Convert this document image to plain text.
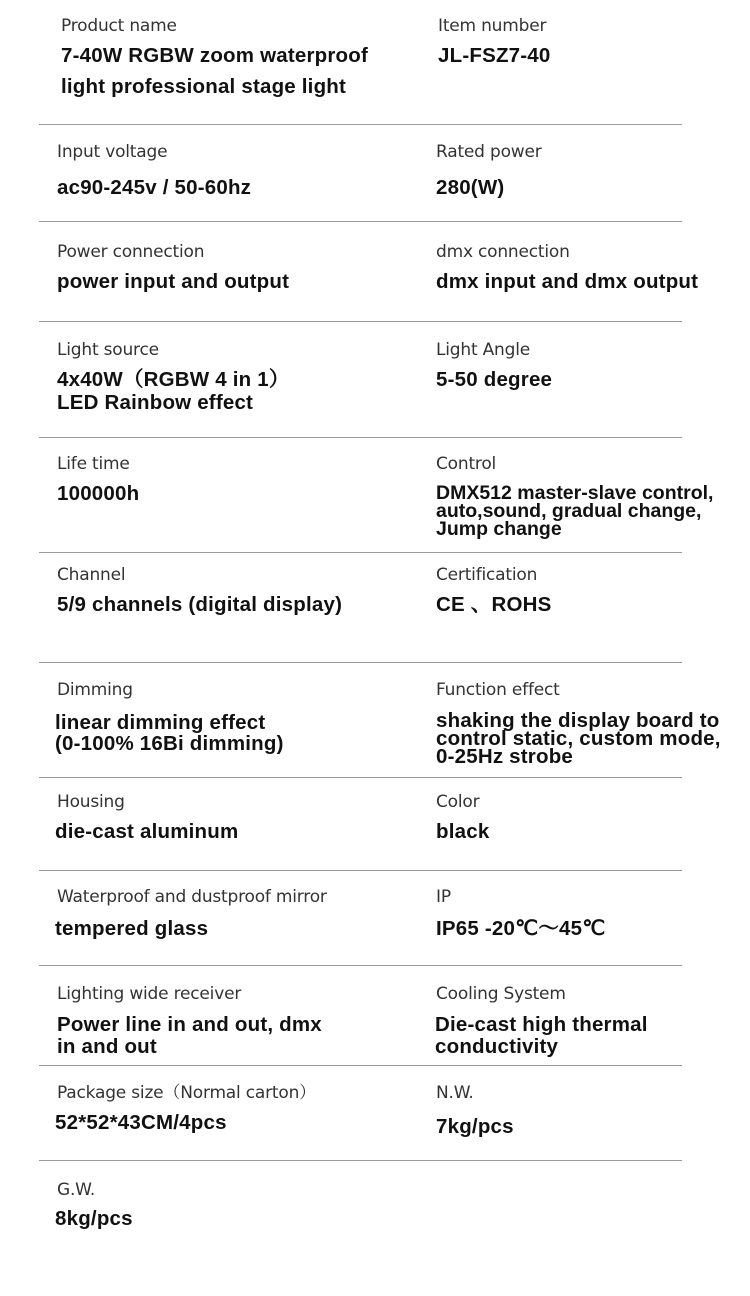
Product name
7-40W RGBW zoom waterproof
light professional stage light
Item number
JL-FSZ7-40
Input voltage
ac90-245v / 50-60hz
Rated power
280(W)
Power connection
power input and output
dmx connection
dmx input and dmx output
Light source
4x40W（RGBW 4 in 1）
LED Rainbow effect
Light Angle
5-50 degree
Life time
100000h
Control
DMX512 master-slave control,
auto,sound, gradual change,
Jump change
Channel
5/9 channels (digital display)
Certification
CE 、ROHS
Dimming
linear dimming effect
(0-100% 16Bi dimming)
Function effect
shaking the display board to
control static, custom mode,
0-25Hz strobe
Housing
die-cast aluminum
Color
black
Waterproof and dustproof mirror
tempered glass
IP
IP65 -20℃～45℃
Lighting wide receiver
Power line in and out, dmx
in and out
Cooling System
Die-cast high thermal
conductivity
Package size（Normal carton）
52*52*43CM/4pcs
N.W.
7kg/pcs
G.W.
8kg/pcs
